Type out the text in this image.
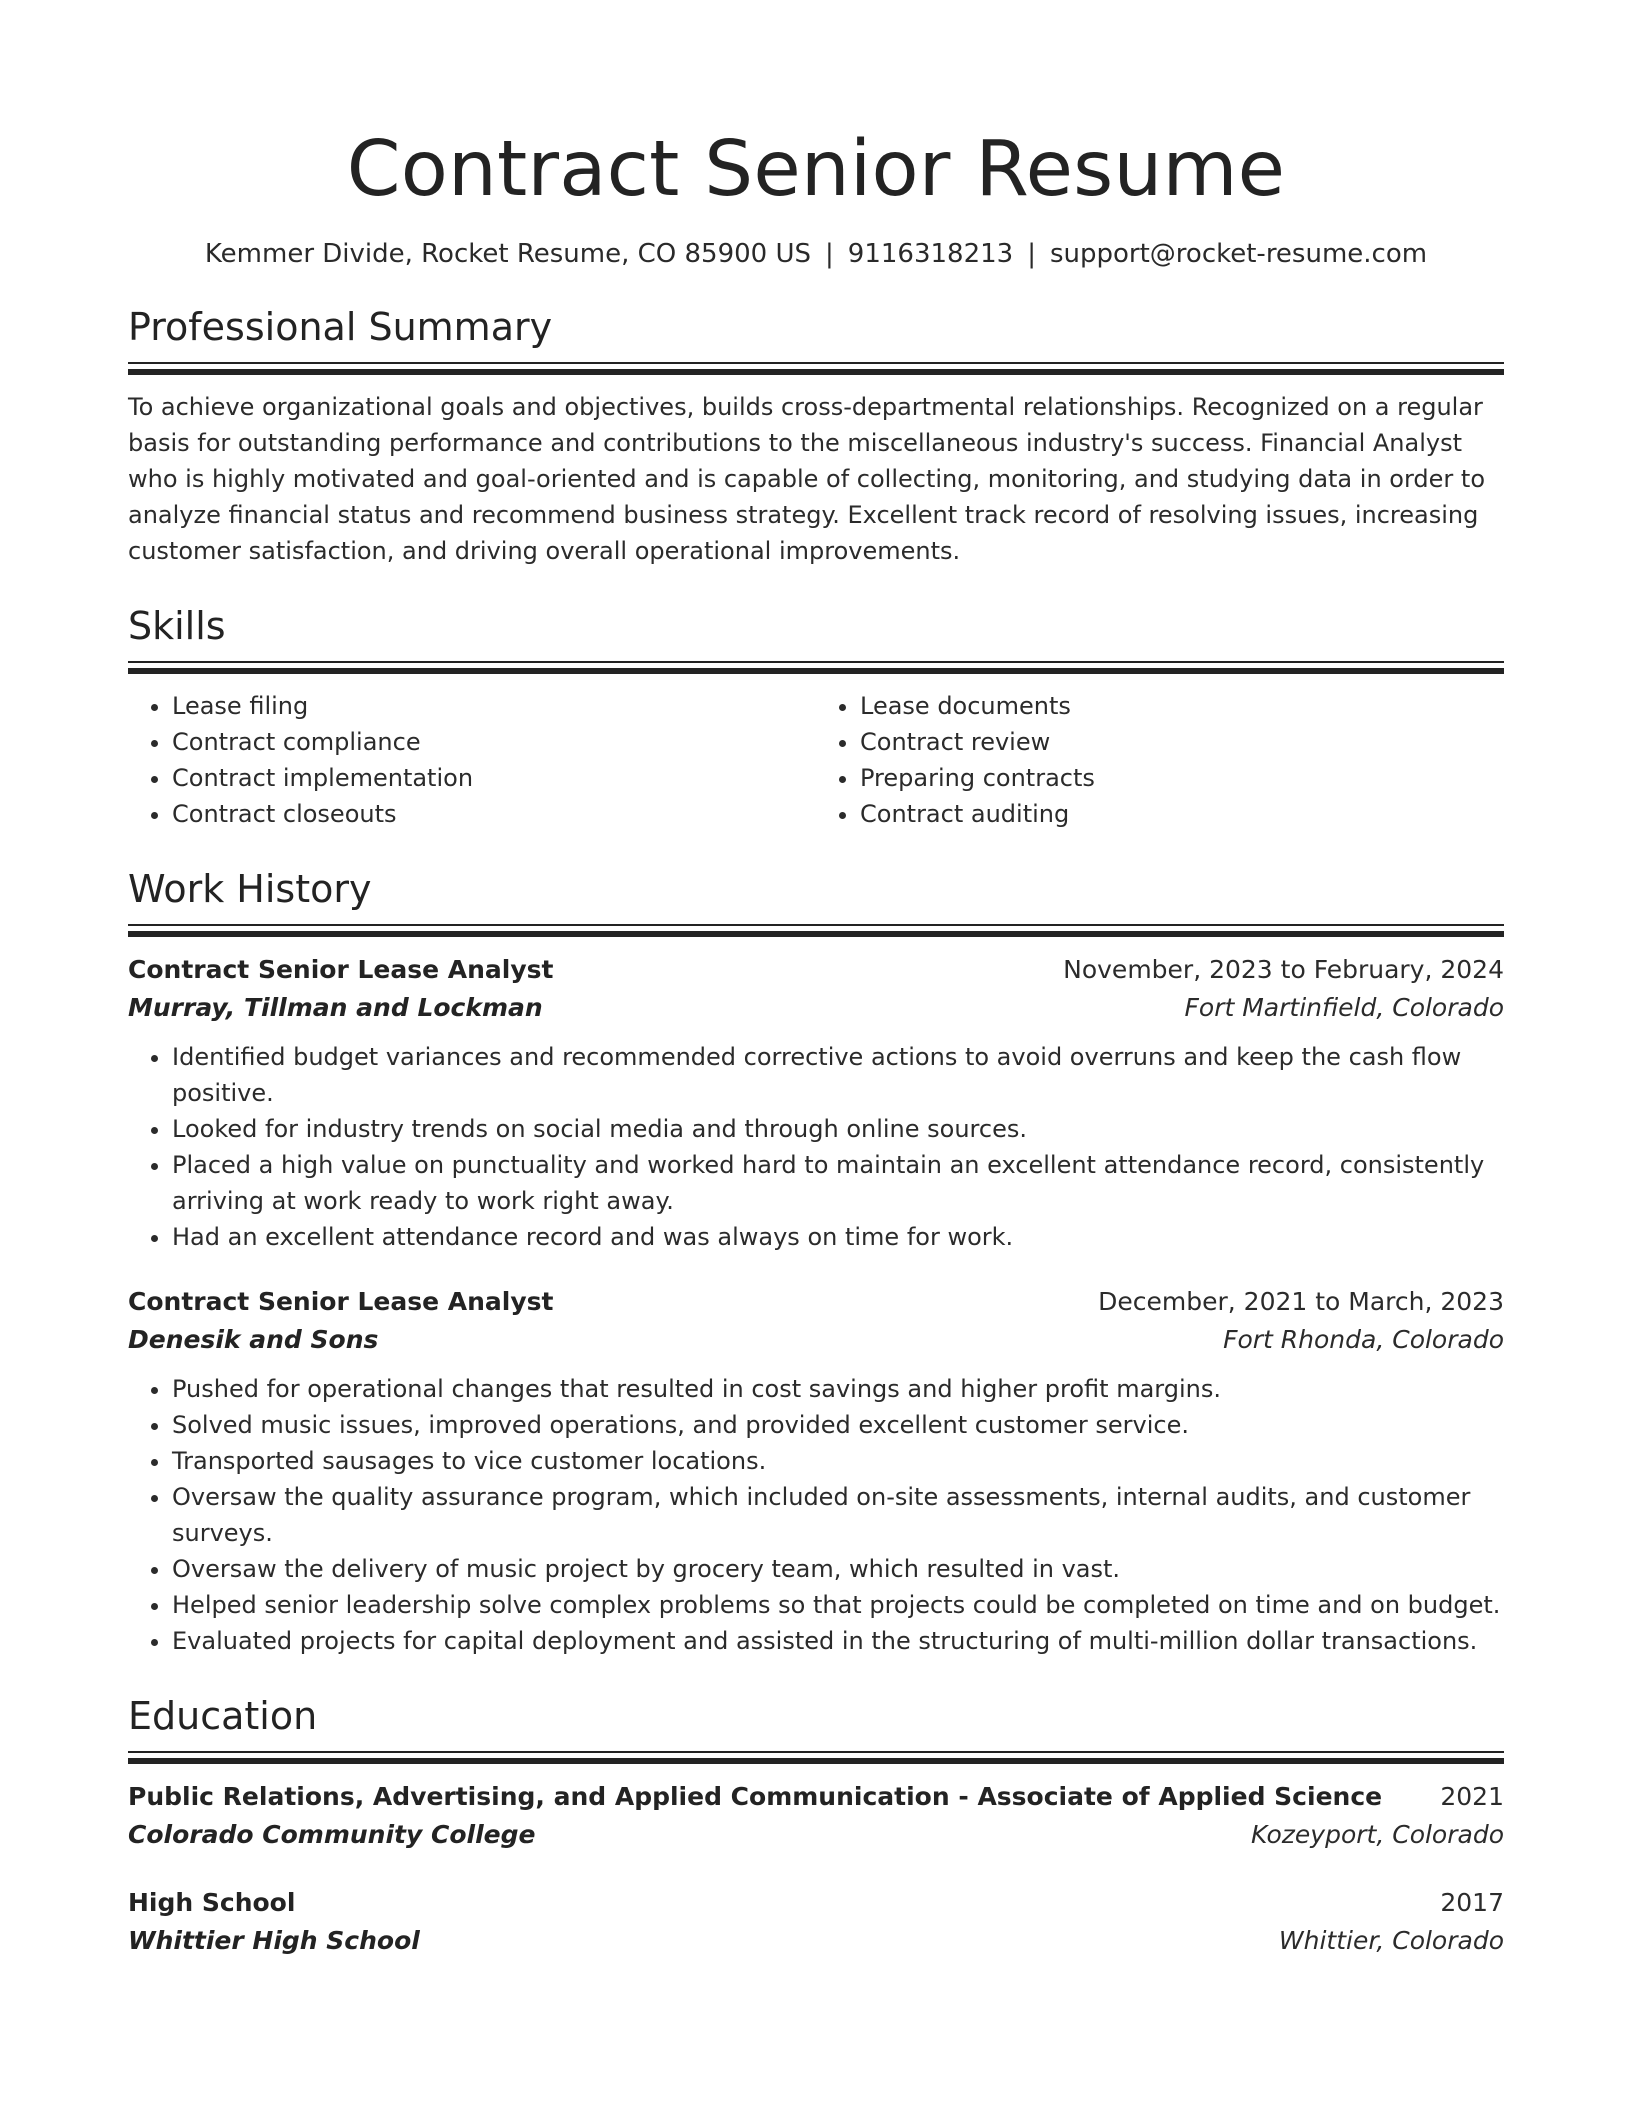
Contract Senior Resume
Kemmer Divide, Rocket Resume, CO 85900 US | 9116318213 | support@rocket-resume.com
Professional Summary

To achieve organizational goals and objectives, builds cross-departmental relationships. Recognized on a regular basis for outstanding performance and contributions to the miscellaneous industry's success. Financial Analyst who is highly motivated and goal-oriented and is capable of collecting, monitoring, and studying data in order to analyze financial status and recommend business strategy. Excellent track record of resolving issues, increasing customer satisfaction, and driving overall operational improvements.

Skills
• Lease filing
• Contract compliance
• Contract implementation
• Contract closeouts
• Lease documents
• Contract review
• Preparing contracts
• Contract auditing
Work History
Contract Senior Lease Analyst	November, 2023 to February, 2024
Murray, Tillman and Lockman	Fort Martinfield, Colorado
• Identified budget variances and recommended corrective actions to avoid overruns and keep the cash flow positive.
• Looked for industry trends on social media and through online sources.
• Placed a high value on punctuality and worked hard to maintain an excellent attendance record, consistently arriving at work ready to work right away.
• Had an excellent attendance record and was always on time for work.
Contract Senior Lease Analyst	December, 2021 to March, 2023
Denesik and Sons	Fort Rhonda, Colorado
• Pushed for operational changes that resulted in cost savings and higher profit margins.
• Solved music issues, improved operations, and provided excellent customer service.
• Transported sausages to vice customer locations.
• Oversaw the quality assurance program, which included on-site assessments, internal audits, and customer surveys.
• Oversaw the delivery of music project by grocery team, which resulted in vast.
• Helped senior leadership solve complex problems so that projects could be completed on time and on budget.
• Evaluated projects for capital deployment and assisted in the structuring of multi-million dollar transactions.
Education
Public Relations, Advertising, and Applied Communication - Associate of Applied Science 2021
Colorado Community College	Kozeyport, Colorado
High School	2017
Whittier High School	Whittier, Colorado
